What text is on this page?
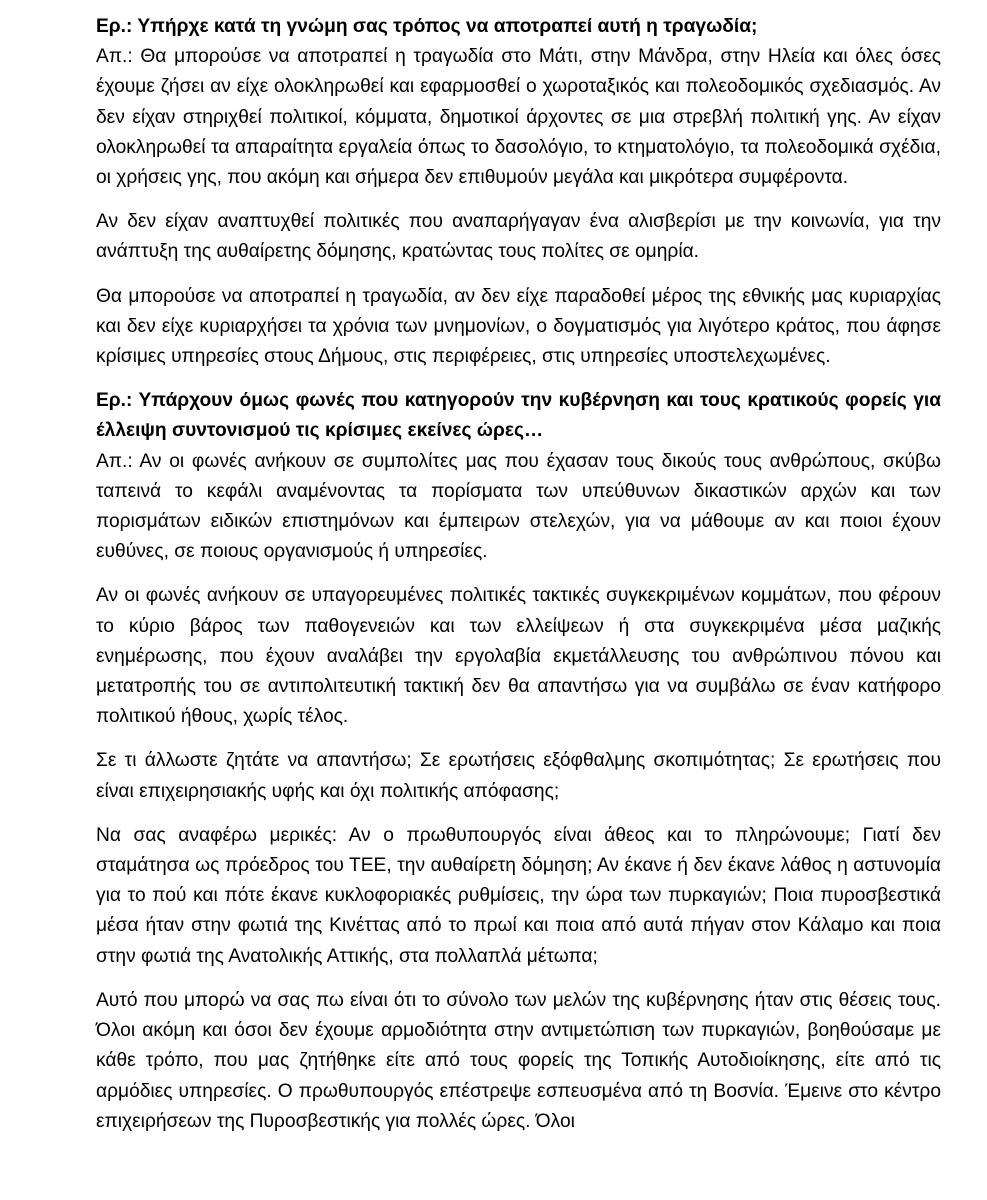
Ερ.: Υπήρχε κατά τη γνώμη σας τρόπος να αποτραπεί αυτή η τραγωδία;

Απ.: Θα μπορούσε να αποτραπεί η τραγωδία στο Μάτι, στην Μάνδρα, στην Ηλεία και όλες όσες έχουμε ζήσει αν είχε ολοκληρωθεί και εφαρμοσθεί ο χωροταξικός και πολεοδομικός σχεδιασμός. Αν δεν είχαν στηριχθεί πολιτικοί, κόμματα, δημοτικοί άρχοντες σε μια στρεβλή πολιτική γης. Αν είχαν ολοκληρωθεί τα απαραίτητα εργαλεία όπως το δασολόγιο, το κτηματολόγιο, τα πολεοδομικά σχέδια, οι χρήσεις γης, που ακόμη και σήμερα δεν επιθυμούν μεγάλα και μικρότερα συμφέροντα.

Αν δεν είχαν αναπτυχθεί πολιτικές που αναπαρήγαγαν ένα αλισβερίσι με την κοινωνία, για την ανάπτυξη της αυθαίρετης δόμησης, κρατώντας τους πολίτες σε ομηρία.

Θα μπορούσε να αποτραπεί η τραγωδία, αν δεν είχε παραδοθεί μέρος της εθνικής μας κυριαρχίας και δεν είχε κυριαρχήσει τα χρόνια των μνημονίων, ο δογματισμός για λιγότερο κράτος, που άφησε κρίσιμες υπηρεσίες στους Δήμους, στις περιφέρειες, στις υπηρεσίες υποστελεχωμένες.

Ερ.: Υπάρχουν όμως φωνές που κατηγορούν την κυβέρνηση και τους κρατικούς φορείς για έλλειψη συντονισμού τις κρίσιμες εκείνες ώρες…

Απ.: Αν οι φωνές ανήκουν σε συμπολίτες μας που έχασαν τους δικούς τους ανθρώπους, σκύβω ταπεινά το κεφάλι αναμένοντας τα πορίσματα των υπεύθυνων δικαστικών αρχών και των πορισμάτων ειδικών επιστημόνων και έμπειρων στελεχών, για να μάθουμε αν και ποιοι έχουν ευθύνες, σε ποιους οργανισμούς ή υπηρεσίες.

Αν οι φωνές ανήκουν σε υπαγορευμένες πολιτικές τακτικές συγκεκριμένων κομμάτων, που φέρουν το κύριο βάρος των παθογενειών και των ελλείψεων ή στα συγκεκριμένα μέσα μαζικής ενημέρωσης, που έχουν αναλάβει την εργολαβία εκμετάλλευσης του ανθρώπινου πόνου και μετατροπής του σε αντιπολιτευτική τακτική δεν θα απαντήσω για να συμβάλω σε έναν κατήφορο πολιτικού ήθους, χωρίς τέλος.

Σε τι άλλωστε ζητάτε να απαντήσω; Σε ερωτήσεις εξόφθαλμης σκοπιμότητας; Σε ερωτήσεις που είναι επιχειρησιακής υφής και όχι πολιτικής απόφασης;

Να σας αναφέρω μερικές: Αν ο πρωθυπουργός είναι άθεος και το πληρώνουμε; Γιατί δεν σταμάτησα ως πρόεδρος του ΤΕΕ, την αυθαίρετη δόμηση; Αν έκανε ή δεν έκανε λάθος η αστυνομία για το πού και πότε έκανε κυκλοφοριακές ρυθμίσεις, την ώρα των πυρκαγιών; Ποια πυροσβεστικά μέσα ήταν στην φωτιά της Κινέττας από το πρωί και ποια από αυτά πήγαν στον Κάλαμο και ποια στην φωτιά της Ανατολικής Αττικής, στα πολλαπλά μέτωπα;

Αυτό που μπορώ να σας πω είναι ότι το σύνολο των μελών της κυβέρνησης ήταν στις θέσεις τους. Όλοι ακόμη και όσοι δεν έχουμε αρμοδιότητα στην αντιμετώπιση των πυρκαγιών, βοηθούσαμε με κάθε τρόπο, που μας ζητήθηκε είτε από τους φορείς της Τοπικής Αυτοδιοίκησης, είτε από τις αρμόδιες υπηρεσίες. Ο πρωθυπουργός επέστρεψε εσπευσμένα από τη Βοσνία. Έμεινε στο κέντρο επιχειρήσεων της Πυροσβεστικής για πολλές ώρες. Όλοι
